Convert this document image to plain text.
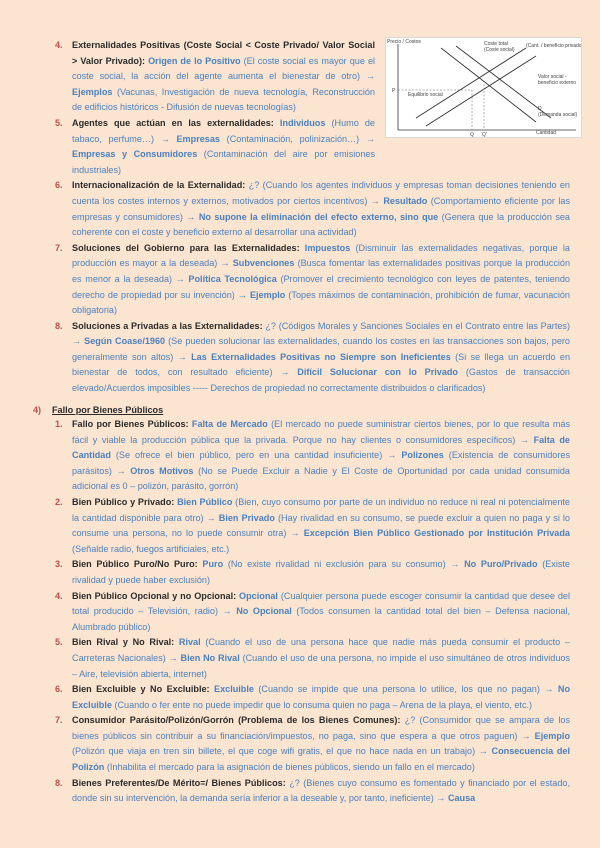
Precio / Costos
Cantidad
Coste total
(Coste social)
(Cant. / beneficio privado)
Valor social -
beneficio externo
Equilibrio social
D
(Demanda social)
P
Q Q'
4. Externalidades Positivas (Coste Social < Coste Privado/ Valor Social > Valor Privado): Origen de lo Positivo (El coste social es mayor que el coste social, la acción del agente aumenta el bienestar de otro) → Ejemplos (Vacunas, Investigación de nueva tecnología, Reconstrucción de edificios históricos - Difusión de nuevas tecnologías)
5. Agentes que actúan en las externalidades: Individuos (Humo de tabaco, perfume…) → Empresas (Contaminación, polinización…) → Empresas y Consumidores (Contaminación del aire por emisiones industriales)
6. Internacionalización de la Externalidad: ¿? (Cuando los agentes individuos y empresas toman decisiones teniendo en cuenta los costes internos y externos, motivados por ciertos incentivos) → Resultado (Comportamiento eficiente por las empresas y consumidores) → No supone la eliminación del efecto externo, sino que (Genera que la producción sea coherente con el coste y beneficio externo al desarrollar una actividad)
7. Soluciones del Gobierno para las Externalidades: Impuestos (Disminuir las externalidades negativas, porque la producción es mayor a la deseada) → Subvenciones (Busca fomentar las externalidades positivas porque la producción es menor a la deseada) → Política Tecnológica (Promover el crecimiento tecnológico con leyes de patentes, teniendo derecho de propiedad por su invención) → Ejemplo (Topes máximos de contaminación, prohibición de fumar, vacunación obligatoria)
8. Soluciones a Privadas a las Externalidades: ¿? (Códigos Morales y Sanciones Sociales en el Contrato entre las Partes) → Según Coase/1960 (Se pueden solucionar las externalidades, cuando los costes en las transacciones son bajos, pero generalmente son altos) → Las Externalidades Positivas no Siempre son Ineficientes (Si se llega un acuerdo en bienestar de todos, con resultado eficiente) → Difícil Solucionar con lo Privado (Gastos de transacción elevado/Acuerdos imposibles ----- Derechos de propiedad no correctamente distribuidos o clarificados)
4) Fallo por Bienes Públicos
1. Fallo por Bienes Públicos: Falta de Mercado (El mercado no puede suministrar ciertos bienes, por lo que resulta más fácil y viable la producción pública que la privada. Porque no hay clientes o consumidores específicos) → Falta de Cantidad (Se ofrece el bien público, pero en una cantidad insuficiente) → Polizones (Existencia de consumidores parásitos) → Otros Motivos (No se Puede Excluir a Nadie y El Coste de Oportunidad por cada unidad consumida adicional es 0 – polizón, parásito, gorrón)
2. Bien Público y Privado: Bien Público (Bien, cuyo consumo por parte de un individuo no reduce ni real ni potencialmente la cantidad disponible para otro) → Bien Privado (Hay rivalidad en su consumo, se puede excluir a quien no paga y si lo consume una persona, no lo puede consumir otra) → Excepción Bien Público Gestionado por Institución Privada (Señalde radio, fuegos artificiales, etc.)
3. Bien Público Puro/No Puro: Puro (No existe rivalidad ni exclusión para su consumo) → No Puro/Privado (Existe rivalidad y puede haber exclusión)
4. Bien Público Opcional y no Opcional: Opcional (Cualquier persona puede escoger consumir la cantidad que desee del total producido – Televisión, radio) → No Opcional (Todos consumen la cantidad total del bien – Defensa nacional, Alumbrado público)
5. Bien Rival y No Rival: Rival (Cuando el uso de una persona hace que nadie más pueda consumir el producto – Carreteras Nacionales) → Bien No Rival (Cuando el uso de una persona, no impide el uso simultáneo de otros individuos – Aire, televisión abierta, internet)
6. Bien Excluible y No Excluible: Excluible (Cuando se impide que una persona lo utilice, los que no pagan) → No Excluible (Cuando o fer ente no puede impedir que lo consuma quien no paga – Arena de la playa, el viento, etc.)
7. Consumidor Parásito/Polizón/Gorrón (Problema de los Bienes Comunes): ¿? (Consumidor que se ampara de los bienes públicos sin contribuir a su financiación/impuestos, no paga, sino que espera a que otros paguen) → Ejemplo (Polizón que viaja en tren sin billete, el que coge wifi gratis, el que no hace nada en un trabajo) → Consecuencia del Polizón (Inhabilita el mercado para la asignación de bienes públicos, siendo un fallo en el mercado)
8. Bienes Preferentes/De Mérito=/ Bienes Públicos: ¿? (Bienes cuyo consumo es fomentado y financiado por el estado, donde sin su intervención, la demanda sería inferior a la deseable y, por tanto, ineficiente) → Causa
